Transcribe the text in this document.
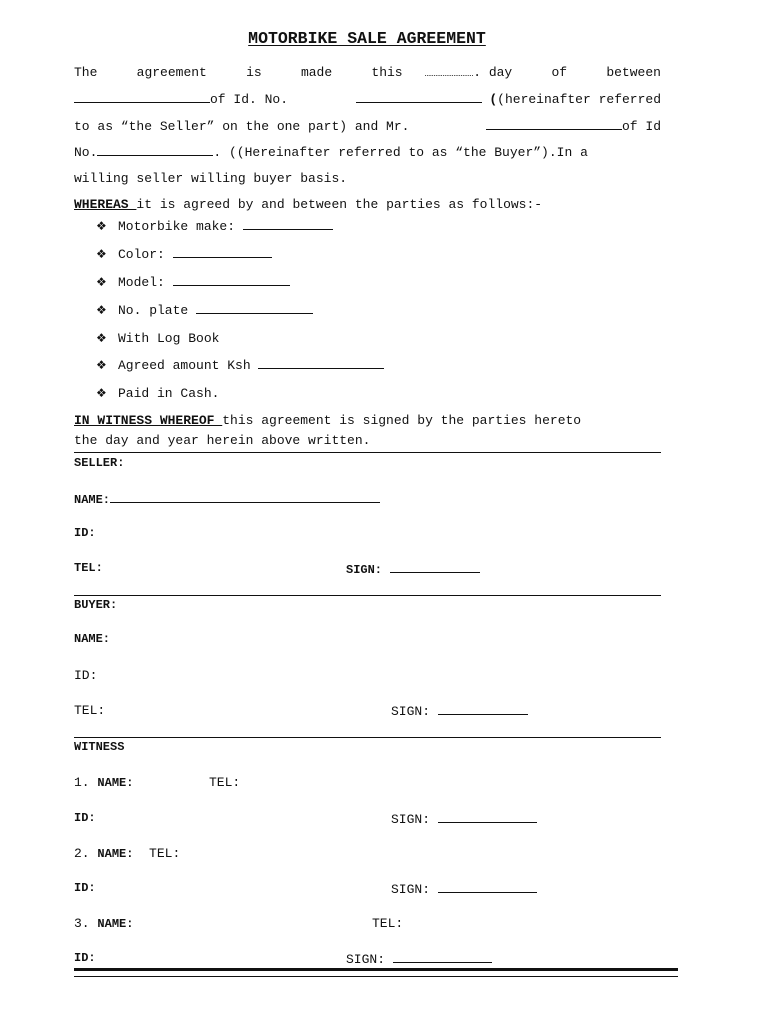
MOTORBIKE SALE AGREEMENT
The	agreement	is	made	this ………………………. day	of	between
of Id. No.	((hereinafter referred
to as “the Seller” on the one part) and Mr.	of Id
No.	. ((Hereinafter referred to as “the Buyer”).In a
willing seller willing buyer basis.
WHEREAS it is agreed by and between the parties as follows:-
❖ Motorbike make:
❖ Color:
❖ Model:
❖ No. plate
❖ With Log Book
❖ Agreed amount Ksh
❖ Paid in Cash.
IN WITNESS WHEREOF this agreement is signed by the parties hereto
the day and year herein above written.
SELLER:
NAME:
ID:
TEL:	SIGN:
BUYER:
NAME:
ID:
TEL:	SIGN:
WITNESS
1. NAME:	TEL:
ID:	SIGN:
2. NAME: TEL:
ID:	SIGN:
3. NAME:	TEL:
ID:	SIGN:
